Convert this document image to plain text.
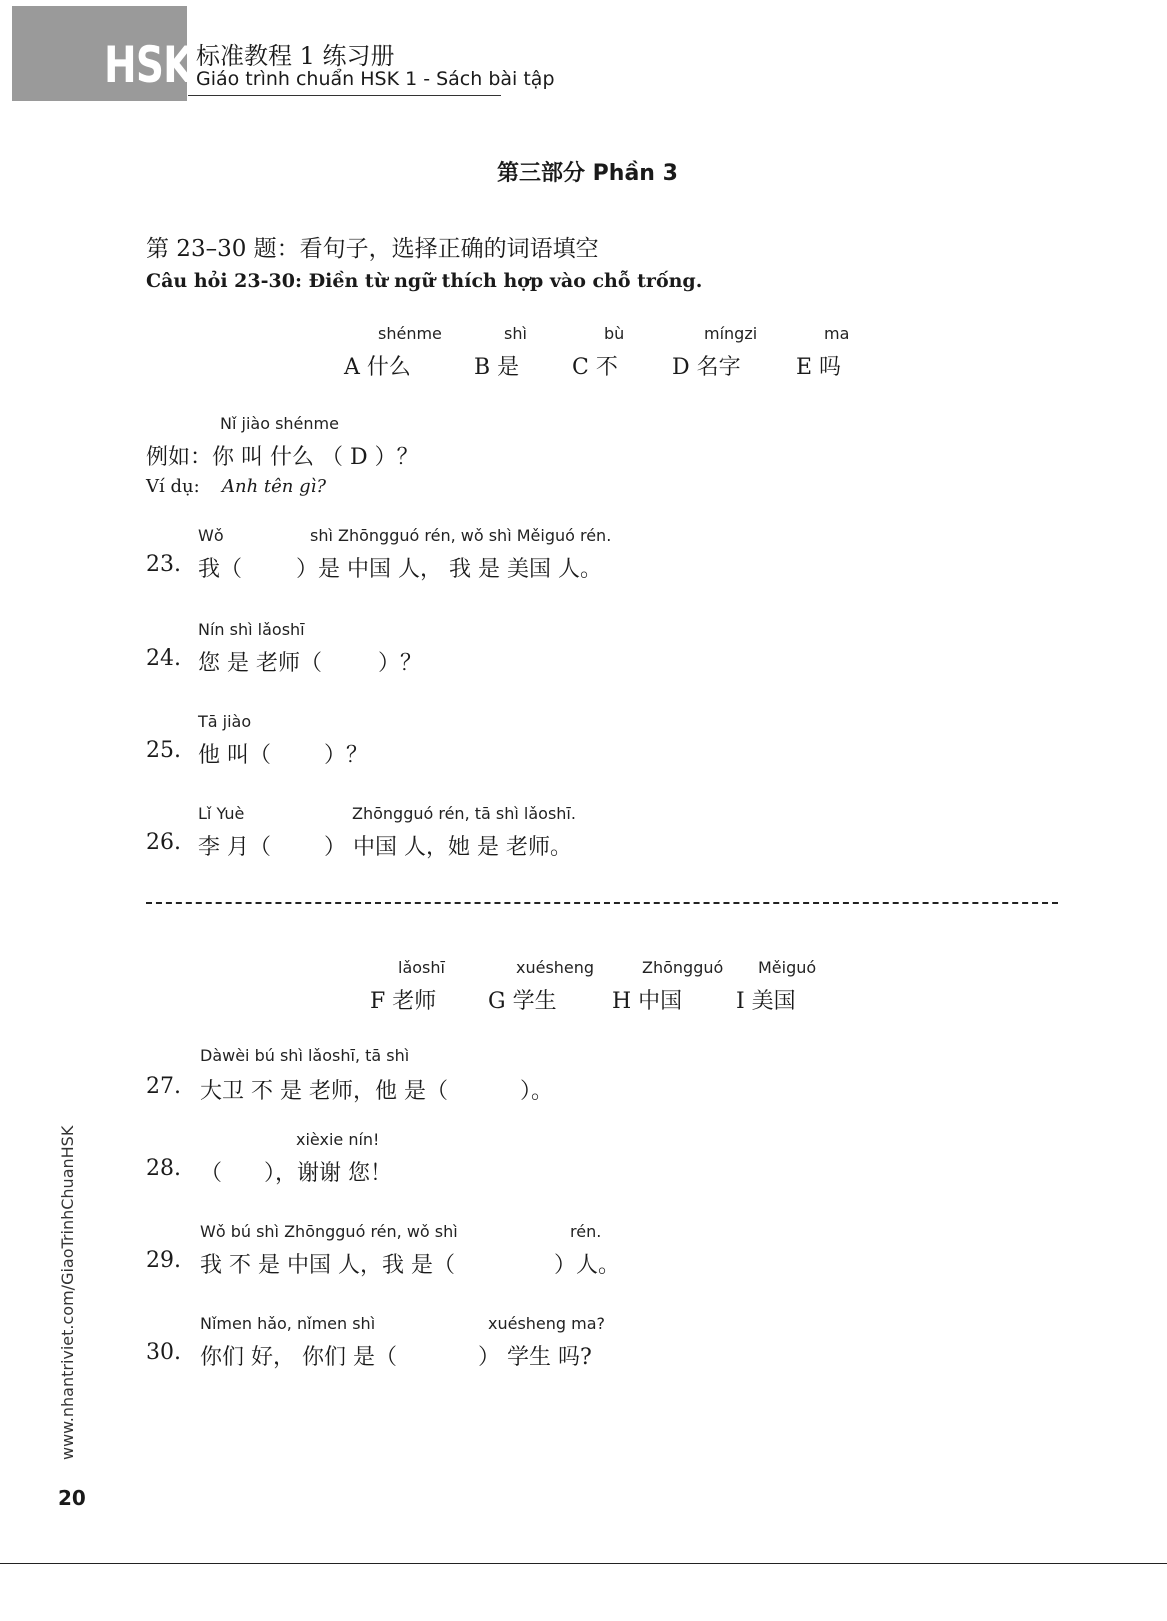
HSK 标准教程 1 练习册
Giáo trình chuẩn HSK 1 - Sách bài tập
第三部分 Phần 3
第 23–30 题：看句子，选择正确的词语填空
Câu hỏi 23-30: Điền từ ngữ thích hợp vào chỗ trống.
shénme
A 什么
shì
B 是
bù
C 不
míngzi
D 名字
ma
E 吗
Nǐ jiào shénme
例如：你 叫 什么 （ D ）？
Ví dụ: Anh tên gì?
Wǒ	shì Zhōngguó rén, wǒ shì Měiguó rén.
23. 我（ ）是 中国 人， 我 是 美国 人。
Nín shì lǎoshī
24. 您 是 老师（	）？
Tā jiào
25. 他 叫（ ）？
Lǐ Yuè	Zhōngguó rén, tā shì lǎoshī.
26. 李 月（ ） 中国 人，她 是 老师。
lǎoshī
F 老师
xuésheng
G 学生
Zhōngguó
H 中国
Měiguó
I 美国
Dàwèi bú shì lǎoshī, tā shì
27. 大卫 不 是 老师，他 是（	）。
xièxie nín!
28. （ ），谢谢 您！
Wǒ bú shì Zhōngguó rén, wǒ shì	rén.
29. 我 不 是 中国 人，我 是（	）人。
Nǐmen hǎo, nǐmen shì	xuésheng ma?
30. 你们 好， 你们 是（	） 学生 吗?
www.nhantriviet.com/GiaoTrinhChuanHSK
20
